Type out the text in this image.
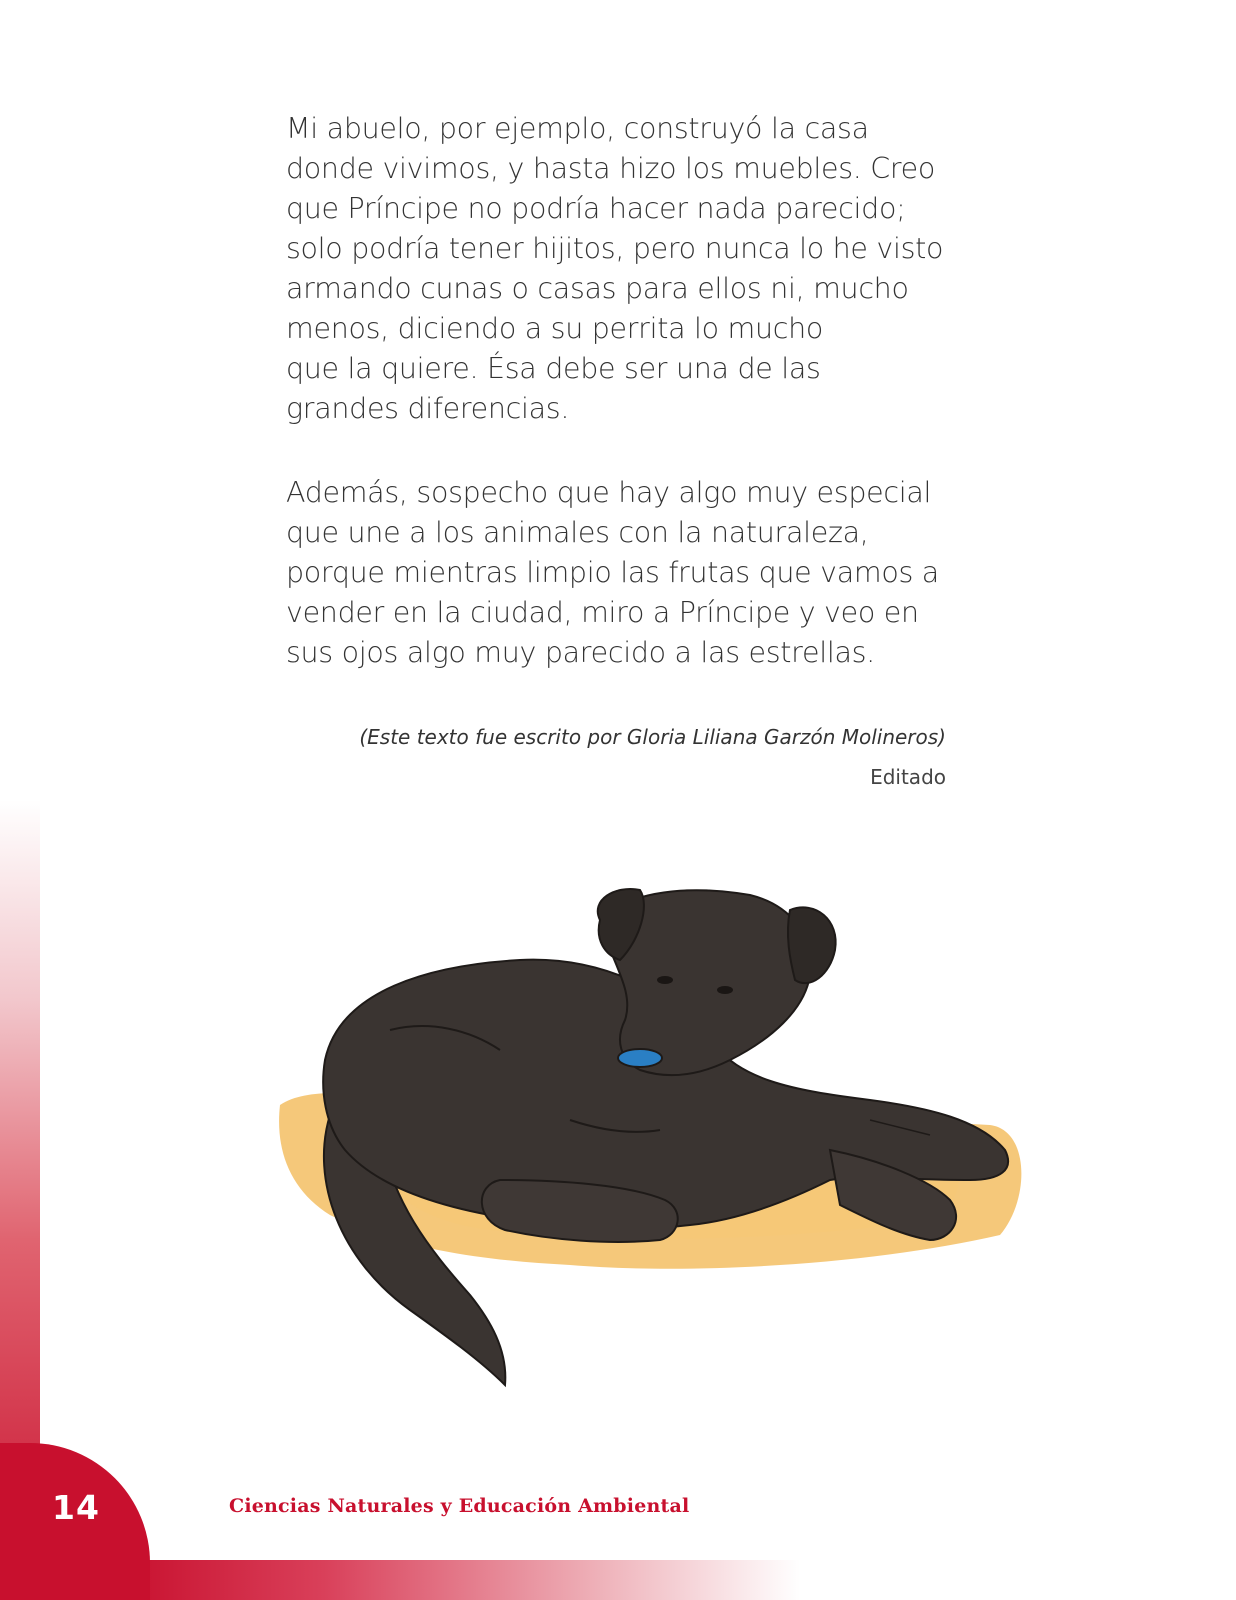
Mi abuelo, por ejemplo, construyó la casa
donde vivimos, y hasta hizo los muebles. Creo
que Príncipe no podría hacer nada parecido;
solo podría tener hijitos, pero nunca lo he visto
armando cunas o casas para ellos ni, mucho
menos, diciendo a su perrita lo mucho
que la quiere. Ésa debe ser una de las
grandes diferencias.
Además, sospecho que hay algo muy especial
que une a los animales con la naturaleza,
porque mientras limpio las frutas que vamos a
vender en la ciudad, miro a Príncipe y veo en
sus ojos algo muy parecido a las estrellas.
(Este texto fue escrito por Gloria Liliana Garzón Molineros)
Editado
Ciencias Naturales y Educación Ambiental
14
